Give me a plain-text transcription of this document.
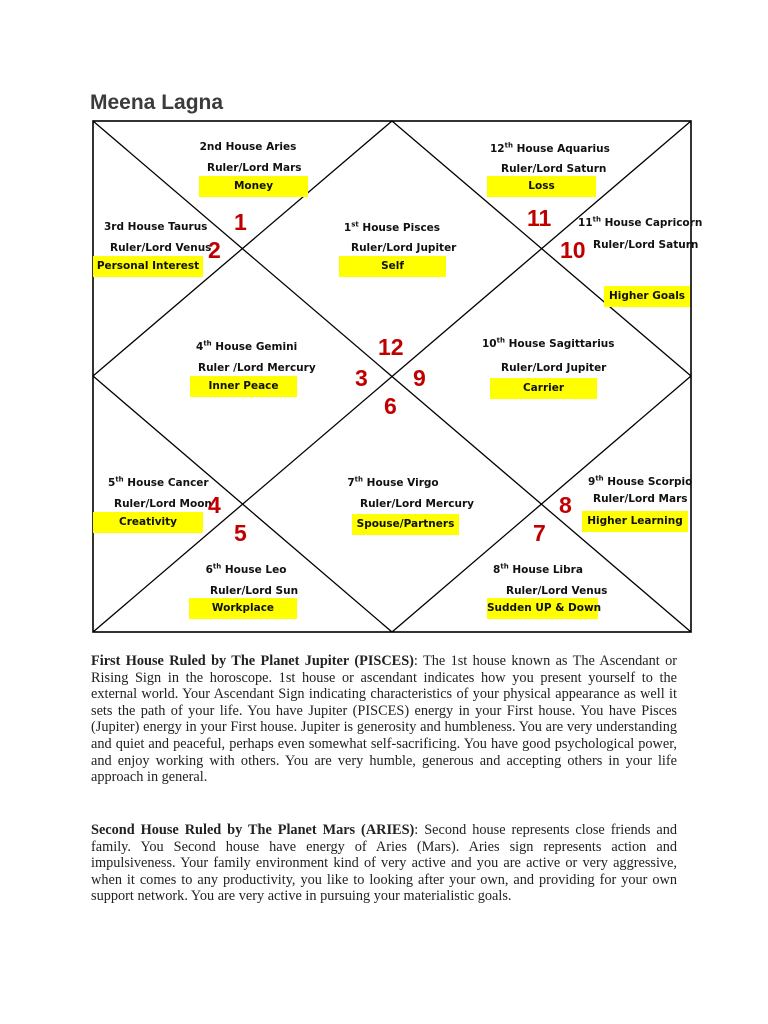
Meena Lagna
1st House Pisces
Ruler/Lord Jupiter
Self
2nd House Aries
Ruler/Lord Mars
Money
3rd House Taurus
Ruler/Lord Venus
Personal Interest
4th House Gemini
Ruler /Lord Mercury
Inner Peace
5th House Cancer
Ruler/Lord Moon
Creativity
6th House Leo
Ruler/Lord Sun
Workplace
7th House Virgo
Ruler/Lord Mercury
Spouse/Partners
8th House Libra
Ruler/Lord Venus
Sudden UP & Down
9th House Scorpio
Ruler/Lord Mars
Higher Learning
10th House Sagittarius
Ruler/Lord Jupiter
Carrier
11th House Capricorn
Ruler/Lord Saturn
Higher Goals
12th House Aquarius
Ruler/Lord Saturn
Loss
1
2
3
4
5
6
7
8
9
10
11
12
First House Ruled by The Planet Jupiter (PISCES): The 1st house known as The Ascendant or Rising Sign in the horoscope. 1st house or ascendant indicates how you present yourself to the external world. Your Ascendant Sign indicating characteristics of your physical appearance as well it sets the path of your life. You have Jupiter (PISCES) energy in your First house. You have Pisces (Jupiter) energy in your First house. Jupiter is generosity and humbleness. You are very understanding and quiet and peaceful, perhaps even somewhat self-sacrificing. You have good psychological power, and enjoy working with others. You are very humble, generous and accepting others in your life approach in general.
Second House Ruled by The Planet Mars (ARIES): Second house represents close friends and family. You Second house have energy of Aries (Mars). Aries sign represents action and impulsiveness. Your family environment kind of very active and you are active or very aggressive, when it comes to any productivity, you like to looking after your own, and providing for your own support network. You are very active in pursuing your materialistic goals.
